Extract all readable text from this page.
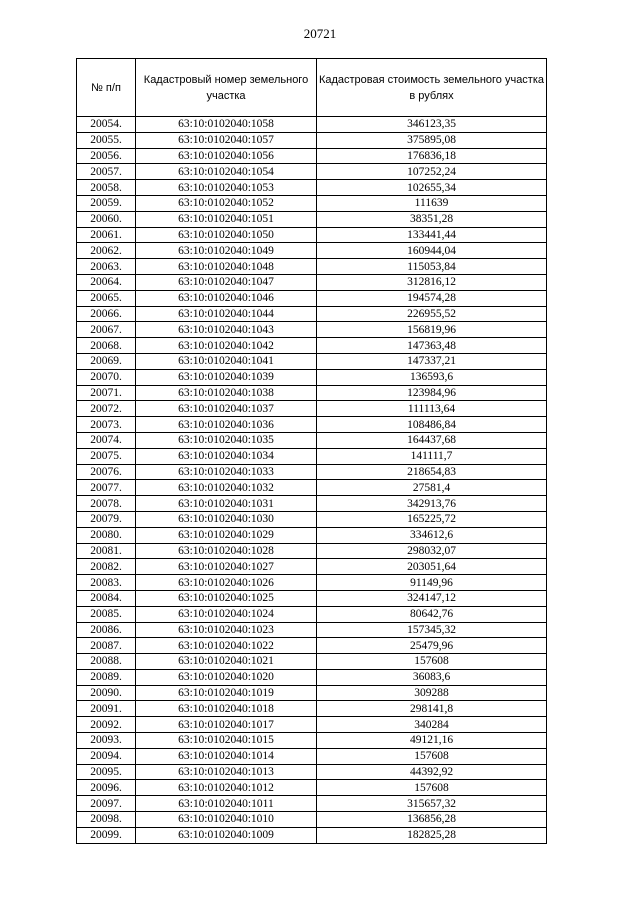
20721
№ п/п	Кадастровый номер земельного участка	Кадастровая стоимость земельного участка в рублях
20054.	63:10:0102040:1058	346123,35
20055.	63:10:0102040:1057	375895,08
20056.	63:10:0102040:1056	176836,18
20057.	63:10:0102040:1054	107252,24
20058.	63:10:0102040:1053	102655,34
20059.	63:10:0102040:1052	111639
20060.	63:10:0102040:1051	38351,28
20061.	63:10:0102040:1050	133441,44
20062.	63:10:0102040:1049	160944,04
20063.	63:10:0102040:1048	115053,84
20064.	63:10:0102040:1047	312816,12
20065.	63:10:0102040:1046	194574,28
20066.	63:10:0102040:1044	226955,52
20067.	63:10:0102040:1043	156819,96
20068.	63:10:0102040:1042	147363,48
20069.	63:10:0102040:1041	147337,21
20070.	63:10:0102040:1039	136593,6
20071.	63:10:0102040:1038	123984,96
20072.	63:10:0102040:1037	111113,64
20073.	63:10:0102040:1036	108486,84
20074.	63:10:0102040:1035	164437,68
20075.	63:10:0102040:1034	141111,7
20076.	63:10:0102040:1033	218654,83
20077.	63:10:0102040:1032	27581,4
20078.	63:10:0102040:1031	342913,76
20079.	63:10:0102040:1030	165225,72
20080.	63:10:0102040:1029	334612,6
20081.	63:10:0102040:1028	298032,07
20082.	63:10:0102040:1027	203051,64
20083.	63:10:0102040:1026	91149,96
20084.	63:10:0102040:1025	324147,12
20085.	63:10:0102040:1024	80642,76
20086.	63:10:0102040:1023	157345,32
20087.	63:10:0102040:1022	25479,96
20088.	63:10:0102040:1021	157608
20089.	63:10:0102040:1020	36083,6
20090.	63:10:0102040:1019	309288
20091.	63:10:0102040:1018	298141,8
20092.	63:10:0102040:1017	340284
20093.	63:10:0102040:1015	49121,16
20094.	63:10:0102040:1014	157608
20095.	63:10:0102040:1013	44392,92
20096.	63:10:0102040:1012	157608
20097.	63:10:0102040:1011	315657,32
20098.	63:10:0102040:1010	136856,28
20099.	63:10:0102040:1009	182825,28
